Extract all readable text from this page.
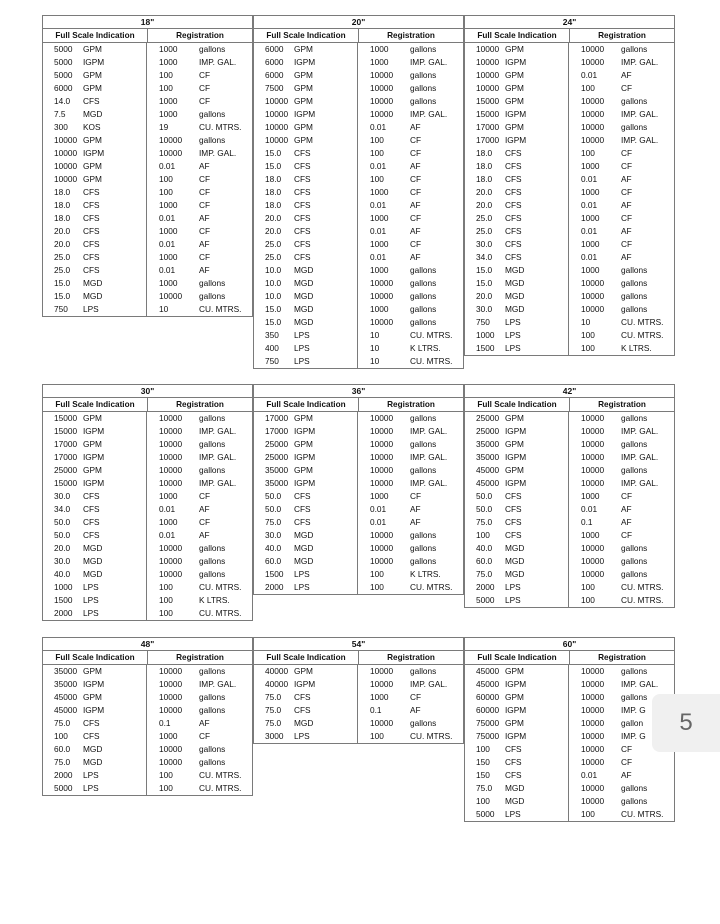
18"
Full Scale Indication	Registration
5000	GPM	1000	gallons
5000	IGPM	1000	IMP. GAL.
5000	GPM	100	CF
6000	GPM	100	CF
14.0	CFS	1000	CF
7.5	MGD	1000	gallons
300	KOS	19	CU. MTRS.
10000 GPM	10000	gallons
10000 IGPM	10000	IMP. GAL.
10000 GPM	0.01	AF
10000 GPM	100	CF
18.0	CFS	100	CF
18.0	CFS	1000	CF
18.0	CFS	0.01	AF
20.0	CFS	1000	CF
20.0	CFS	0.01	AF
25.0	CFS	1000	CF
25.0	CFS	0.01	AF
15.0	MGD	1000	gallons
15.0	MGD	10000	gallons
750	LPS	10	CU. MTRS.
20"
Full Scale Indication	Registration
6000	GPM	1000	gallons
6000	IGPM	1000	IMP. GAL.
6000	GPM	10000	gallons
7500	GPM	10000	gallons
10000 GPM	10000	gallons
10000 IGPM	10000	IMP. GAL.
10000 GPM	0.01	AF
10000 GPM	100	CF
15.0	CFS	100	CF
15.0	CFS	0.01	AF
18.0	CFS	100	CF
18.0	CFS	1000	CF
18.0	CFS	0.01	AF
20.0	CFS	1000	CF
20.0	CFS	0.01	AF
25.0	CFS	1000	CF
25.0	CFS	0.01	AF
10.0	MGD	1000	gallons
10.0	MGD	10000	gallons
10.0	MGD	10000	gallons
15.0	MGD	1000	gallons
15.0	MGD	10000	gallons
350	LPS	10	CU. MTRS.
400	LPS	10	K LTRS.
750	LPS	10	CU. MTRS.
24"
Full Scale Indication	Registration
10000 GPM	10000	gallons
10000 IGPM	10000	IMP. GAL.
10000 GPM	0.01	AF
10000 GPM	100	CF
15000 GPM	10000	gallons
15000 IGPM	10000	IMP. GAL.
17000 GPM	10000	gallons
17000 IGPM	10000	IMP. GAL.
18.0	CFS	100	CF
18.0	CFS	1000	CF
18.0	CFS	0.01	AF
20.0	CFS	1000	CF
20.0	CFS	0.01	AF
25.0	CFS	1000	CF
25.0	CFS	0.01	AF
30.0	CFS	1000	CF
34.0	CFS	0.01	AF
15.0	MGD	1000	gallons
15.0	MGD	10000	gallons
20.0	MGD	10000	gallons
30.0	MGD	10000	gallons
750	LPS	10	CU. MTRS.
1000	LPS	100	CU. MTRS.
1500	LPS	100	K LTRS.
30"
Full Scale Indication	Registration
15000 GPM	10000	gallons
15000 IGPM	10000	IMP. GAL.
17000 GPM	10000	gallons
17000 IGPM	10000	IMP. GAL.
25000 GPM	10000	gallons
15000 IGPM	10000	IMP. GAL.
30.0	CFS	1000	CF
34.0	CFS	0.01	AF
50.0	CFS	1000	CF
50.0	CFS	0.01	AF
20.0	MGD	10000	gallons
30.0	MGD	10000	gallons
40.0	MGD	10000	gallons
1000	LPS	100	CU. MTRS.
1500	LPS	100	K LTRS.
2000	LPS	100	CU. MTRS.
36"
Full Scale Indication	Registration
17000 GPM	10000	gallons
17000 IGPM	10000	IMP. GAL.
25000 GPM	10000	gallons
25000 IGPM	10000	IMP. GAL.
35000 GPM	10000	gallons
35000 IGPM	10000	IMP. GAL.
50.0	CFS	1000	CF
50.0	CFS	0.01	AF
75.0	CFS	0.01	AF
30.0	MGD	10000	gallons
40.0	MGD	10000	gallons
60.0	MGD	10000	gallons
1500	LPS	100	K LTRS.
2000	LPS	100	CU. MTRS.
42"
Full Scale Indication	Registration
25000 GPM	10000	gallons
25000 IGPM	10000	IMP. GAL.
35000 GPM	10000	gallons
35000 IGPM	10000	IMP. GAL.
45000 GPM	10000	gallons
45000 IGPM	10000	IMP. GAL.
50.0	CFS	1000	CF
50.0	CFS	0.01	AF
75.0	CFS	0.1	AF
100	CFS	1000	CF
40.0	MGD	10000	gallons
60.0	MGD	10000	gallons
75.0	MGD	10000	gallons
2000	LPS	100	CU. MTRS.
5000	LPS	100	CU. MTRS.
48"
Full Scale Indication	Registration
35000 GPM	10000	gallons
35000 IGPM	10000	IMP. GAL.
45000 GPM	10000	gallons
45000 IGPM	10000	gallons
75.0	CFS	0.1	AF
100	CFS	1000	CF
60.0	MGD	10000	gallons
75.0	MGD	10000	gallons
2000	LPS	100	CU. MTRS.
5000	LPS	100	CU. MTRS.
54"
Full Scale Indication	Registration
40000 GPM	10000	gallons
40000 IGPM	10000	IMP. GAL.
75.0	CFS	1000	CF
75.0	CFS	0.1	AF
75.0	MGD	10000	gallons
3000	LPS	100	CU. MTRS.
60"
Full Scale Indication	Registration
45000 GPM	10000	gallons
45000 IGPM	10000	IMP. GAL.
60000 GPM	10000	gallons
60000 IGPM	10000	IMP. G
75000 GPM	10000	gallon
75000 IGPM	10000	IMP. G
100	CFS	10000	CF
150	CFS	10000	CF
150	CFS	0.01	AF
75.0	MGD	10000	gallons
100	MGD	10000	gallons
5000	LPS	100	CU. MTRS.
5
